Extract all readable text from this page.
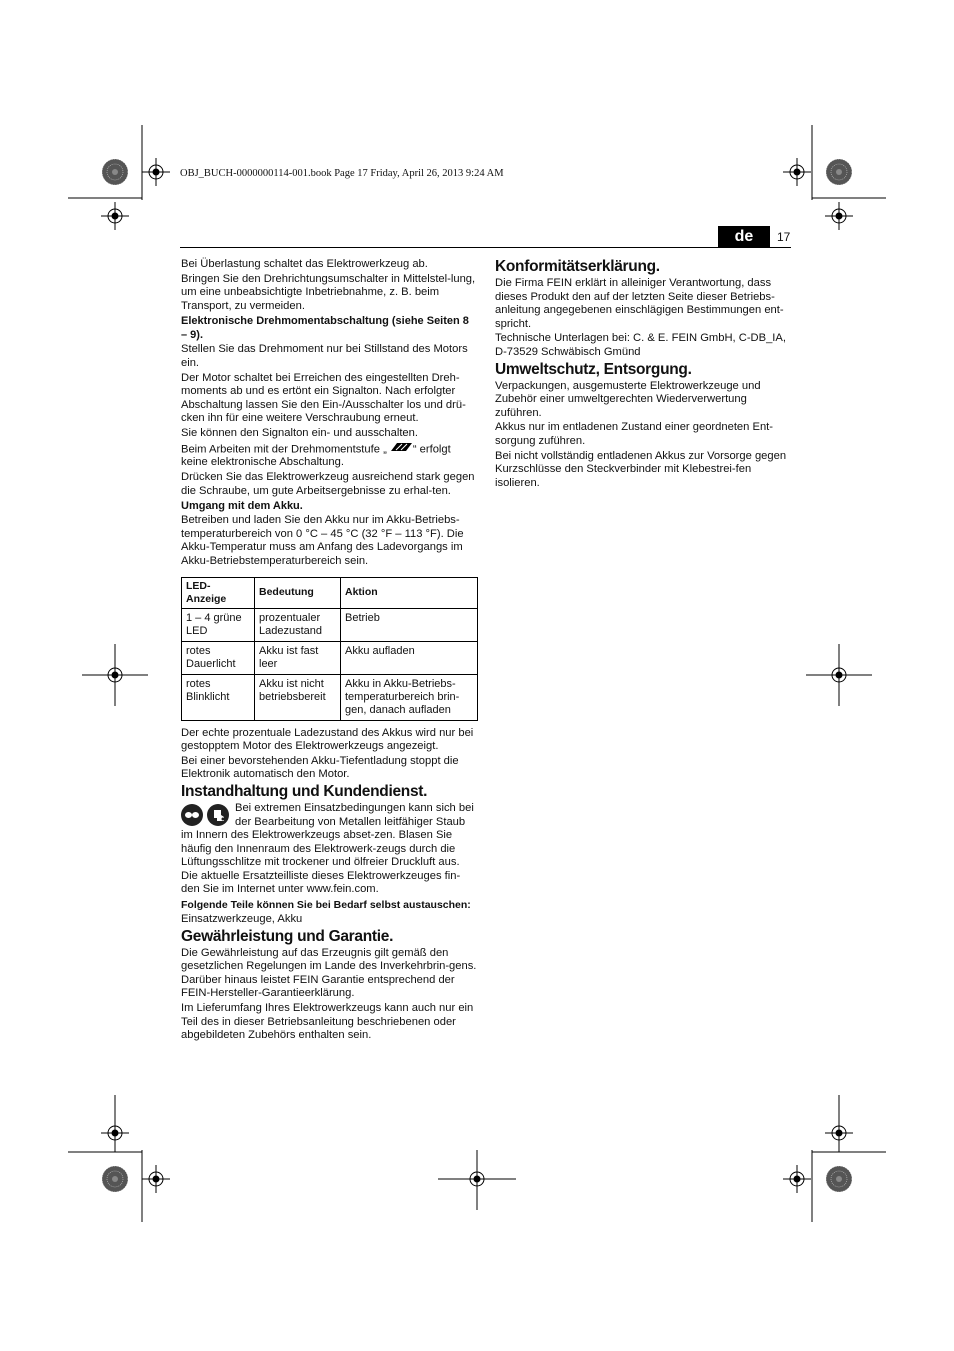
OBJ_BUCH-0000000114-001.book Page 17 Friday, April 26, 2013 9:24 AM
de	17

Bei Überlastung schaltet das Elektrowerkzeug ab.

Bringen Sie den Drehrichtungsumschalter in Mittelstel-lung, um eine unbeabsichtigte Inbetriebnahme, z. B. beim Transport, zu vermeiden.

Elektronische Drehmomentabschaltung (siehe Seiten 8 – 9).

Stellen Sie das Drehmoment nur bei Stillstand des Motors ein.

Der Motor schaltet bei Erreichen des eingestellten Dreh-moments ab und es ertönt ein Signalton. Nach erfolgter Abschaltung lassen Sie den Ein-/Ausschalter los und drü-cken ihn für eine weitere Verschraubung erneut.

Sie können den Signalton ein- und ausschalten.

Beim Arbeiten mit der Drehmomentstufe „ “ erfolgt keine elektronische Abschaltung.

Drücken Sie das Elektrowerkzeug ausreichend stark gegen die Schraube, um gute Arbeitsergebnisse zu erhal-ten.

Umgang mit dem Akku.

Betreiben und laden Sie den Akku nur im Akku-Betriebs-temperaturbereich von 0 °C – 45 °C (32 °F – 113 °F). Die Akku-Temperatur muss am Anfang des Ladevorgangs im Akku-Betriebstemperaturbereich sein.

LED-Anzeige	Bedeutung	Aktion
1 – 4 grüne LED	prozentualer Ladezustand	Betrieb
rotes Dauerlicht	Akku ist fast leer	Akku aufladen
rotes Blinklicht	Akku ist nicht betriebsbereit	Akku in Akku-Betriebs-temperaturbereich brin-gen, danach aufladen

Der echte prozentuale Ladezustand des Akkus wird nur bei gestopptem Motor des Elektrowerkzeugs angezeigt.

Bei einer bevorstehenden Akku-Tiefentladung stoppt die Elektronik automatisch den Motor.

Instandhaltung und Kundendienst.

Bei extremen Einsatzbedingungen kann sich bei der Bearbeitung von Metallen leitfähiger Staub im Innern des Elektrowerkzeugs abset-zen. Blasen Sie häufig den Innenraum des Elektrowerk-zeugs durch die Lüftungsschlitze mit trockener und ölfreier Druckluft aus.

Die aktuelle Ersatzteilliste dieses Elektrowerkzeuges fin-den Sie im Internet unter www.fein.com.

Folgende Teile können Sie bei Bedarf selbst austauschen:

Einsatzwerkzeuge, Akku

Gewährleistung und Garantie.

Die Gewährleistung auf das Erzeugnis gilt gemäß den gesetzlichen Regelungen im Lande des Inverkehrbrin-gens. Darüber hinaus leistet FEIN Garantie entsprechend der FEIN-Hersteller-Garantieerklärung.

Im Lieferumfang Ihres Elektrowerkzeugs kann auch nur ein Teil des in dieser Betriebsanleitung beschriebenen oder abgebildeten Zubehörs enthalten sein.

Konformitätserklärung.

Die Firma FEIN erklärt in alleiniger Verantwortung, dass dieses Produkt den auf der letzten Seite dieser Betriebs-anleitung angegebenen einschlägigen Bestimmungen ent-spricht.

Technische Unterlagen bei: C. & E. FEIN GmbH, C-DB_IA, D-73529 Schwäbisch Gmünd

Umweltschutz, Entsorgung.

Verpackungen, ausgemusterte Elektrowerkzeuge und Zubehör einer umweltgerechten Wiederverwertung zuführen.

Akkus nur im entladenen Zustand einer geordneten Ent-sorgung zuführen.

Bei nicht vollständig entladenen Akkus zur Vorsorge gegen Kurzschlüsse den Steckverbinder mit Klebestrei-fen isolieren.
